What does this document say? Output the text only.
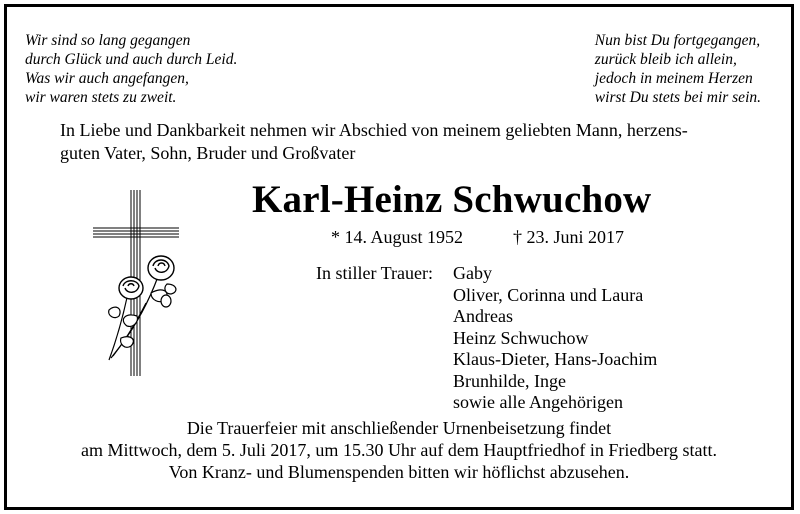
Wir sind so lang gegangen
durch Glück und auch durch Leid.
Was wir auch angefangen,
wir waren stets zu zweit.
Nun bist Du fortgegangen,
zurück bleib ich allein,
jedoch in meinem Herzen
wirst Du stets bei mir sein.
In Liebe und Dankbarkeit nehmen wir Abschied von meinem geliebten Mann, herzens-
guten Vater, Sohn, Bruder und Großvater
Karl-Heinz Schwuchow
* 14. August 1952	† 23. Juni 2017
In stiller Trauer: Gaby
Oliver, Corinna und Laura
Andreas
Heinz Schwuchow
Klaus-Dieter, Hans-Joachim
Brunhilde, Inge
sowie alle Angehörigen
Die Trauerfeier mit anschließender Urnenbeisetzung findet
am Mittwoch, dem 5. Juli 2017, um 15.30 Uhr auf dem Hauptfriedhof in Friedberg statt.
Von Kranz- und Blumenspenden bitten wir höflichst abzusehen.
